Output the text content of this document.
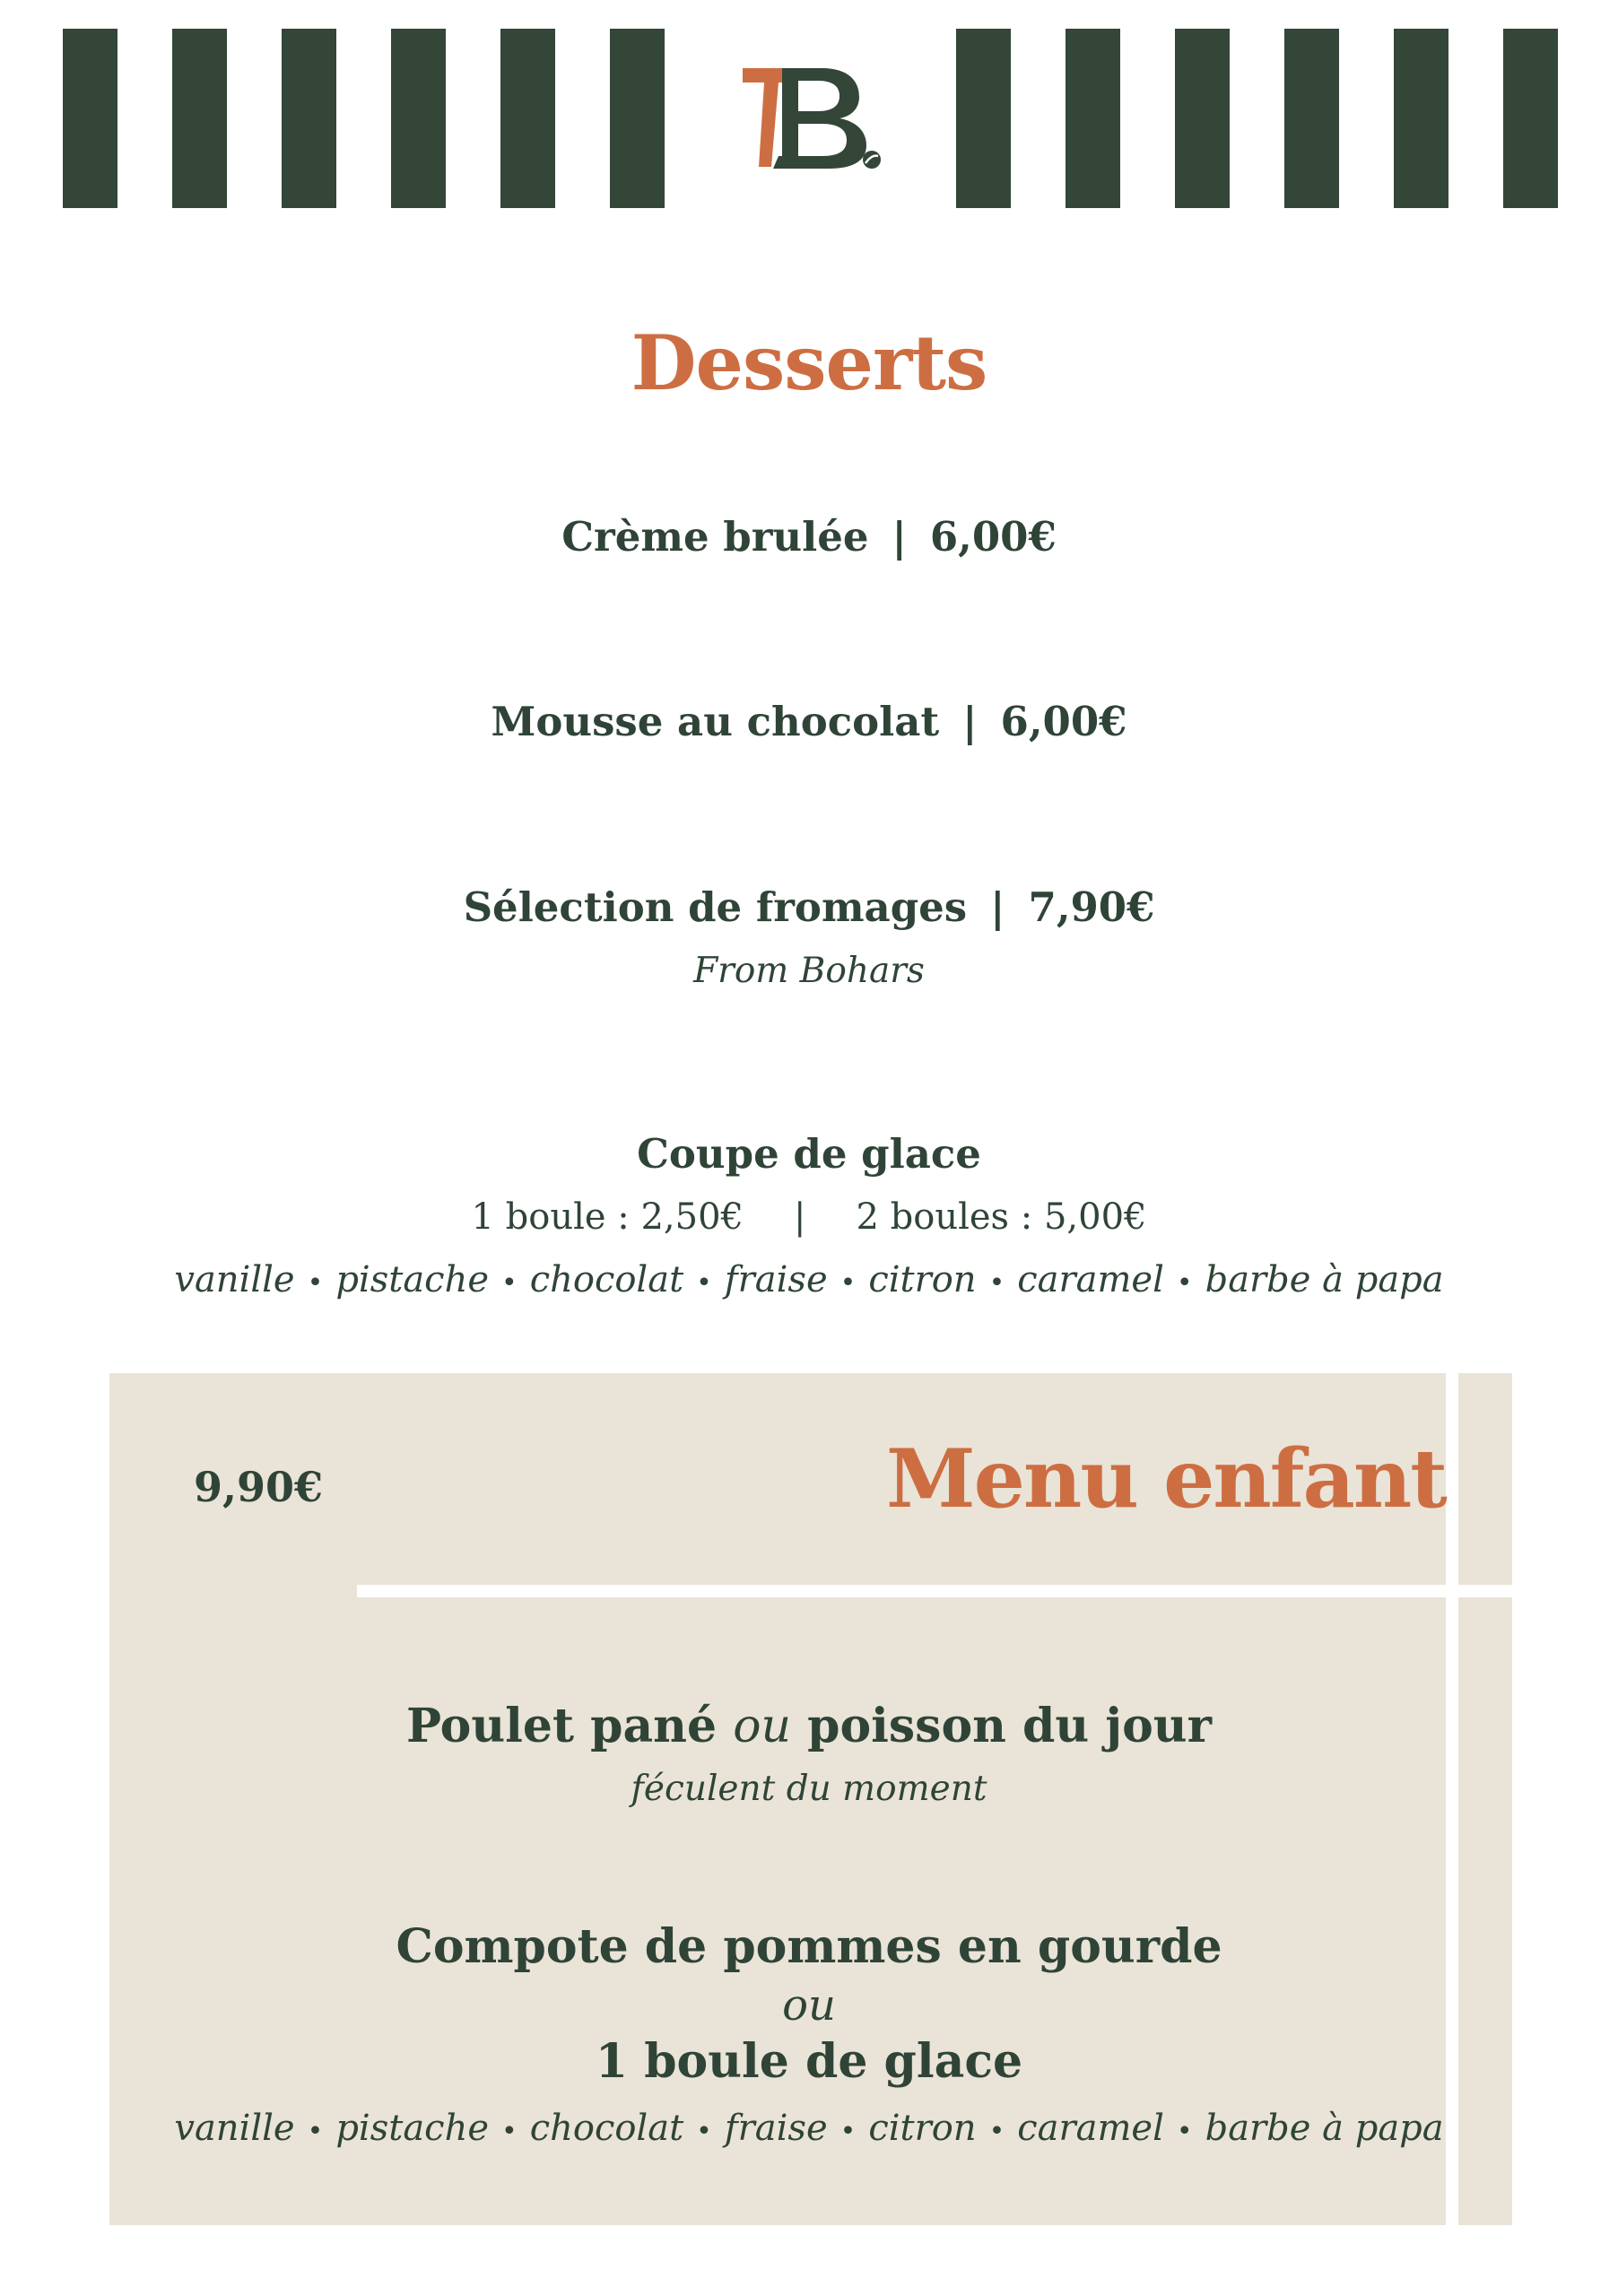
Desserts
Crème brulée | 6,00€
Mousse au chocolat | 6,00€
Sélection de fromages | 7,90€
From Bohars
Coupe de glace
1 boule : 2,50€ | 2 boules : 5,00€
vanille • pistache • chocolat • fraise • citron • caramel • barbe à papa
9,90€	Menu enfant
Poulet pané ou poisson du jour
féculent du moment
Compote de pommes en gourde
ou
1 boule de glace
vanille • pistache • chocolat • fraise • citron • caramel • barbe à papa
